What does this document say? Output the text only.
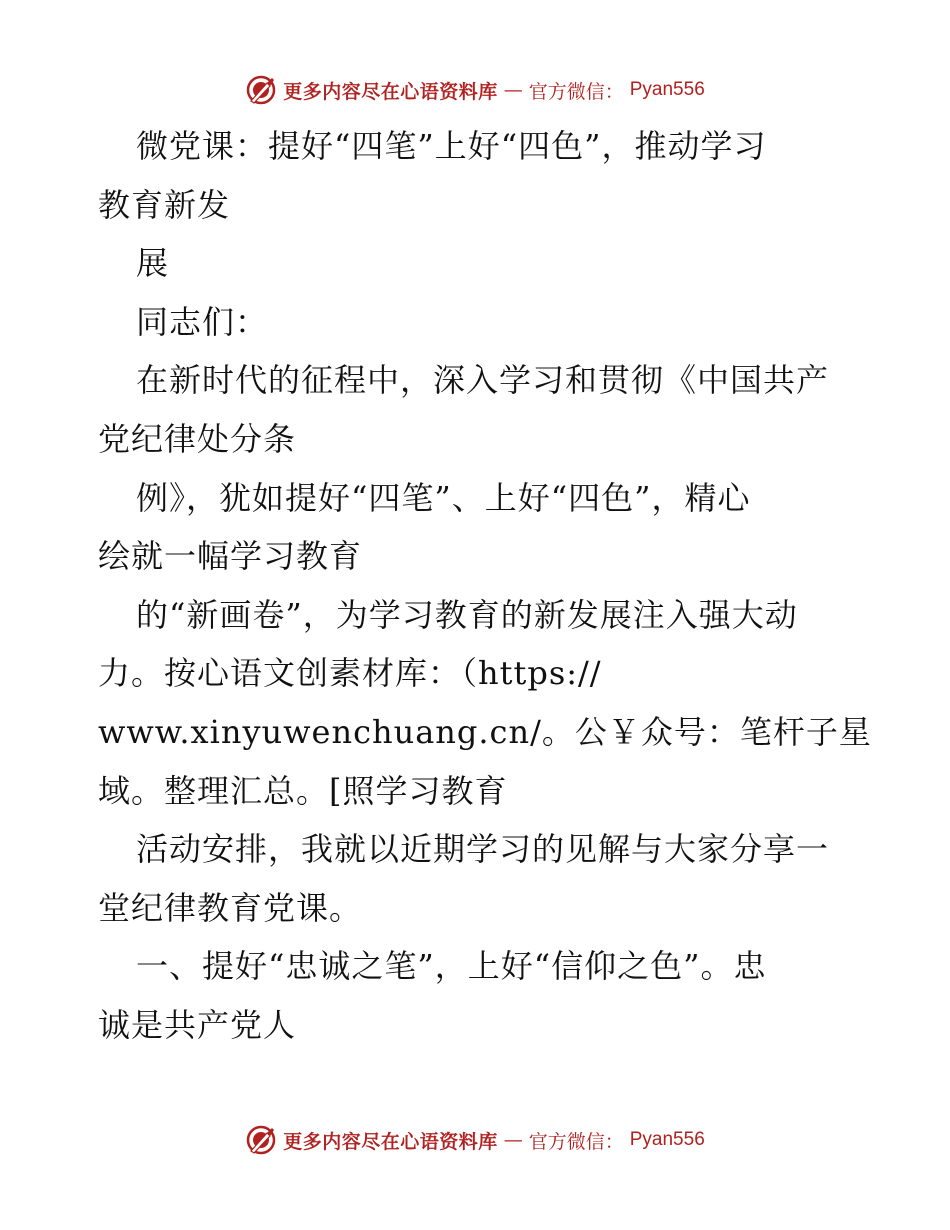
更多内容尽在心语资料库 — 官方微信： Pyan556
微党课：提好“四笔”上好“四色”，推动学习
教育新发
展
同志们：
在新时代的征程中，深入学习和贯彻《中国共产
党纪律处分条
例》，犹如提好“四笔”、上好“四色”，精心
绘就一幅学习教育
的“新画卷”，为学习教育的新发展注入强大动
力。按心语文创素材库：（https://
www.xinyuwenchuang.cn/。公￥众号：笔杆子星
域。整理汇总。[照学习教育
活动安排，我就以近期学习的见解与大家分享一
堂纪律教育党课。
一、提好“忠诚之笔”，上好“信仰之色”。忠
诚是共产党人
更多内容尽在心语资料库 — 官方微信： Pyan556
